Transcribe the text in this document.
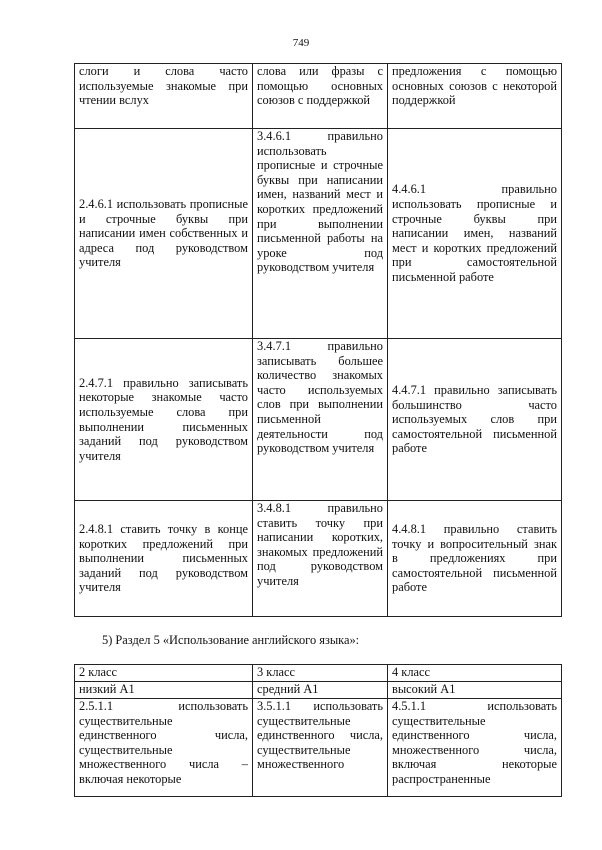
749
слоги и слова часто используемые знакомые при чтении вслух	слова или фразы с помощью основных союзов с поддержкой	предложения с помощью основных союзов с некоторой поддержкой
2.4.6.1 использовать прописные и строчные буквы при написании имен собственных и адреса под руководством учителя	3.4.6.1 правильно использовать прописные и строчные буквы при написании имен, названий мест и коротких предложений при выполнении письменной работы на уроке под руководством учителя	4.4.6.1 правильно использовать прописные и строчные буквы при написании имен, названий мест и коротких предложений при самостоятельной письменной работе
2.4.7.1 правильно записывать некоторые знакомые часто используемые слова при выполнении письменных заданий под руководством учителя	3.4.7.1 правильно записывать большее количество знакомых часто используемых слов при выполнении письменной деятельности под руководством учителя	4.4.7.1 правильно записывать большинство часто используемых слов при самостоятельной письменной работе
2.4.8.1 ставить точку в конце коротких предложений при выполнении письменных заданий под руководством учителя	3.4.8.1 правильно ставить точку при написании коротких, знакомых предложений под руководством учителя	4.4.8.1 правильно ставить точку и вопросительный знак в предложениях при самостоятельной письменной работе
5) Раздел 5 «Использование английского языка»:
2 класс	3 класс	4 класс
низкий А1	средний А1	высокий А1

2.5.1.1 использовать существительные единственного числа, существительные множественного числа – включая некоторые	3.5.1.1 использовать существительные единственного числа, существительные множественного	4.5.1.1 использовать существительные единственного числа, множественного числа, включая некоторые распространенные
